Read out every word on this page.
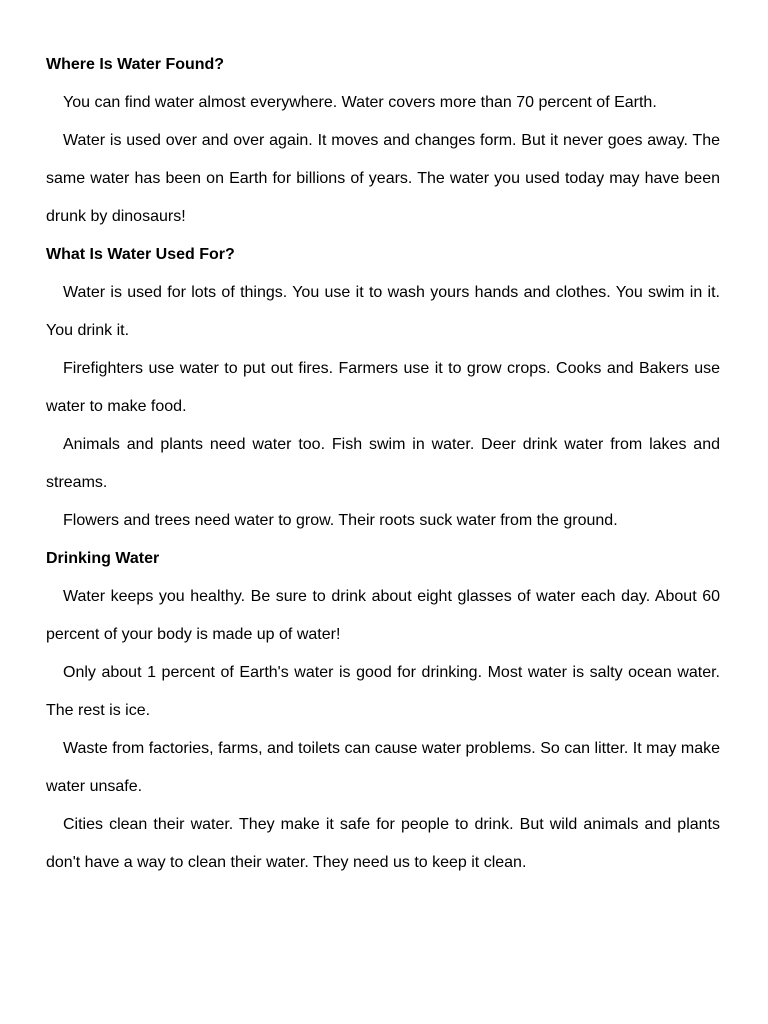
Where Is Water Found?

You can find water almost everywhere. Water covers more than 70 percent of Earth.

Water is used over and over again. It moves and changes form. But it never goes away. The same water has been on Earth for billions of years. The water you used today may have been drunk by dinosaurs!

What Is Water Used For?

Water is used for lots of things. You use it to wash yours hands and clothes. You swim in it. You drink it.

Firefighters use water to put out fires. Farmers use it to grow crops. Cooks and Bakers use water to make food.

Animals and plants need water too. Fish swim in water. Deer drink water from lakes and streams.

Flowers and trees need water to grow. Their roots suck water from the ground.

Drinking Water

Water keeps you healthy. Be sure to drink about eight glasses of water each day. About 60 percent of your body is made up of water!

Only about 1 percent of Earth's water is good for drinking. Most water is salty ocean water. The rest is ice.

Waste from factories, farms, and toilets can cause water problems. So can litter. It may make water unsafe.

Cities clean their water. They make it safe for people to drink. But wild animals and plants don't have a way to clean their water. They need us to keep it clean.
